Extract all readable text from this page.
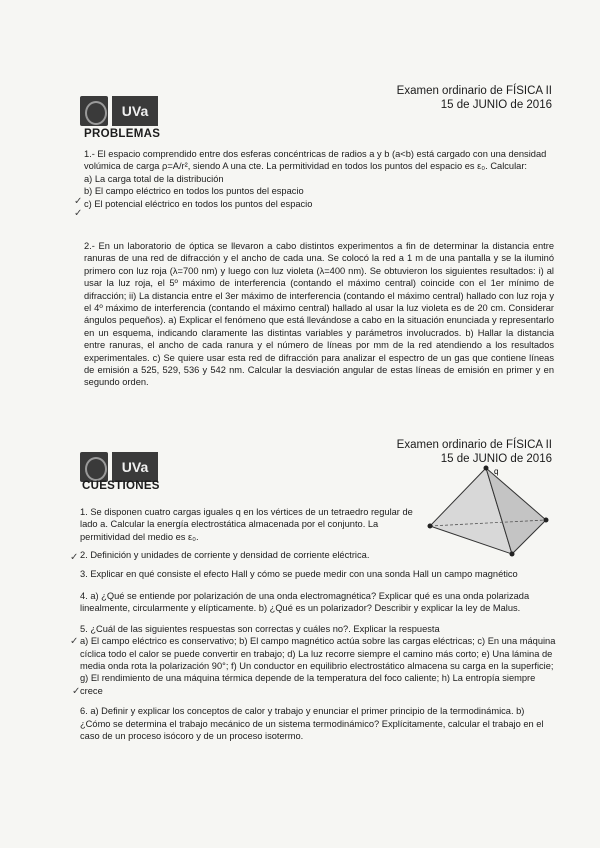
UVa
Examen ordinario de FÍSICA II
15 de JUNIO de 2016
PROBLEMAS

1.- El espacio comprendido entre dos esferas concéntricas de radios a y b (a<b) está cargado con una densidad volúmica de carga ρ=A/r², siendo A una cte. La permitividad en todos los puntos del espacio es ε₀. Calcular:

a) La carga total de la distribución

b) El campo eléctrico en todos los puntos del espacio

c) El potencial eléctrico en todos los puntos del espacio

✓
✓

2.- En un laboratorio de óptica se llevaron a cabo distintos experimentos a fin de determinar la distancia entre ranuras de una red de difracción y el ancho de cada una. Se colocó la red a 1 m de una pantalla y se la iluminó primero con luz roja (λ=700 nm) y luego con luz violeta (λ=400 nm). Se obtuvieron los siguientes resultados: i) al usar la luz roja, el 5º máximo de interferencia (contando el máximo central) coincide con el 1er mínimo de difracción; ii) La distancia entre el 3er máximo de interferencia (contando el máximo central) hallado con luz roja y el 4º máximo de interferencia (contando el máximo central) hallado al usar la luz violeta es de 20 cm. Considerar ángulos pequeños). a) Explicar el fenómeno que está llevándose a cabo en la situación enunciada y representarlo en un esquema, indicando claramente las distintas variables y parámetros involucrados. b) Hallar la distancia entre ranuras, el ancho de cada ranura y el número de líneas por mm de la red atendiendo a los resultados experimentales. c) Se quiere usar esta red de difracción para analizar el espectro de un gas que contiene líneas de emisión a 525, 529, 536 y 542 nm. Calcular la desviación angular de estas líneas de emisión en primer y en segundo orden.

UVa
Examen ordinario de FÍSICA II
15 de JUNIO de 2016
CUESTIONES
q

1. Se disponen cuatro cargas iguales q en los vértices de un tetraedro regular de lado a. Calcular la energía electrostática almacenada por el conjunto. La permitividad del medio es ε₀.

2. Definición y unidades de corriente y densidad de corriente eléctrica.

3. Explicar en qué consiste el efecto Hall y cómo se puede medir con una sonda Hall un campo magnético

4. a) ¿Qué se entiende por polarización de una onda electromagnética? Explicar qué es una onda polarizada linealmente, circularmente y elípticamente. b) ¿Qué es un polarizador? Describir y explicar la ley de Malus.

5. ¿Cuál de las siguientes respuestas son correctas y cuáles no?. Explicar la respuesta

a) El campo eléctrico es conservativo; b) El campo magnético actúa sobre las cargas eléctricas; c) En una máquina cíclica todo el calor se puede convertir en trabajo; d) La luz recorre siempre el camino más corto; e) Una lámina de media onda rota la polarización 90°; f) Un conductor en equilibrio electrostático almacena su carga en la superficie; g) El rendimiento de una máquina térmica depende de la temperatura del foco caliente; h) La entropía siempre crece

6. a) Definir y explicar los conceptos de calor y trabajo y enunciar el primer principio de la termodinámica. b) ¿Cómo se determina el trabajo mecánico de un sistema termodinámico? Explícitamente, calcular el trabajo en el caso de un proceso isócoro y de un proceso isotermo.

✓
✓
✓
